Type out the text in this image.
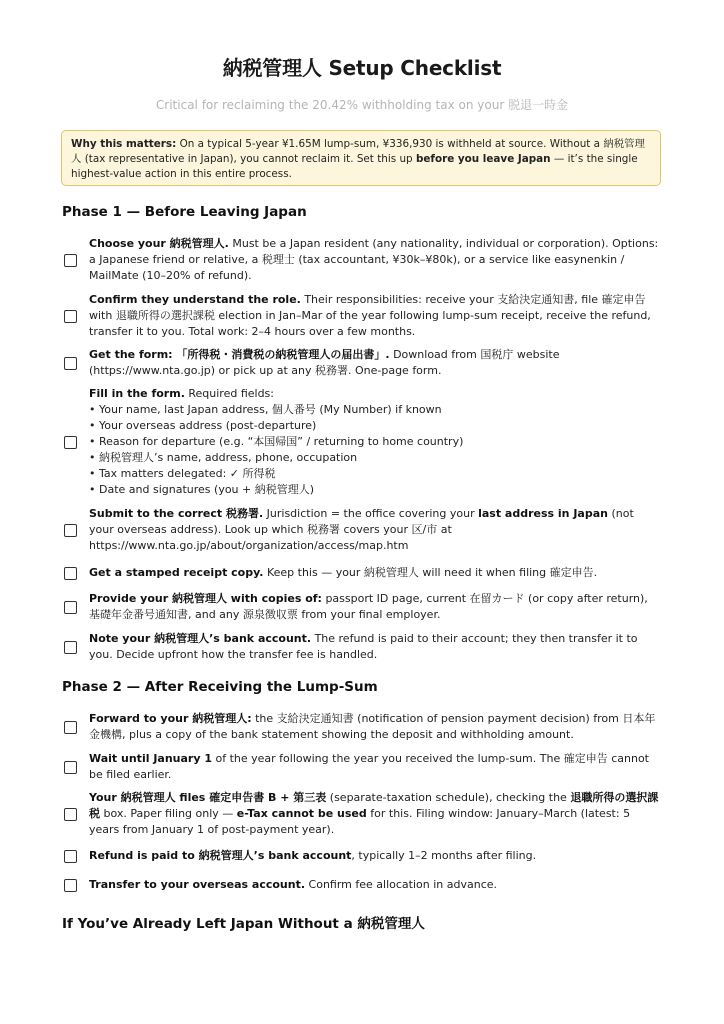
納税管理人 Setup Checklist

Critical for reclaiming the 20.42% withholding tax on your 脱退一時金

Why this matters: On a typical 5-year ¥1.65M lump-sum, ¥336,930 is withheld at source. Without a 納税管理人 (tax representative in Japan), you cannot reclaim it. Set this up before you leave Japan — it’s the single highest-value action in this entire process.
Phase 1 — Before Leaving Japan
Choose your 納税管理人. Must be a Japan resident (any nationality, individual or corporation). Options: a Japanese friend or relative, a 税理士 (tax accountant, ¥30k–¥80k), or a service like easynenkin / MailMate (10–20% of refund).
Confirm they understand the role. Their responsibilities: receive your 支給決定通知書, file 確定申告 with 退職所得の選択課税 election in Jan–Mar of the year following lump-sum receipt, receive the refund, transfer it to you. Total work: 2–4 hours over a few months.
Get the form: 「所得税・消費税の納税管理人の届出書」. Download from 国税庁 website (https://www.nta.go.jp) or pick up at any 税務署. One-page form.
Fill in the form. Required fields:
• Your name, last Japan address, 個人番号 (My Number) if known
• Your overseas address (post-departure)
• Reason for departure (e.g. “本国帰国” / returning to home country)
• 納税管理人’s name, address, phone, occupation
• Tax matters delegated: ✓ 所得税
• Date and signatures (you + 納税管理人)
Submit to the correct 税務署. Jurisdiction = the office covering your last address in Japan (not your overseas address). Look up which 税務署 covers your 区/市 at https://www.nta.go.jp/about/organization/access/map.htm
Get a stamped receipt copy. Keep this — your 納税管理人 will need it when filing 確定申告.
Provide your 納税管理人 with copies of: passport ID page, current 在留カード (or copy after return), 基礎年金番号通知書, and any 源泉徴収票 from your final employer.
Note your 納税管理人’s bank account. The refund is paid to their account; they then transfer it to you. Decide upfront how the transfer fee is handled.
Phase 2 — After Receiving the Lump-Sum
Forward to your 納税管理人: the 支給決定通知書 (notification of pension payment decision) from 日本年金機構, plus a copy of the bank statement showing the deposit and withholding amount.
Wait until January 1 of the year following the year you received the lump-sum. The 確定申告 cannot be filed earlier.
Your 納税管理人 files 確定申告書 B + 第三表 (separate-taxation schedule), checking the 退職所得の選択課税 box. Paper filing only — e-Tax cannot be used for this. Filing window: January–March (latest: 5 years from January 1 of post-payment year).
Refund is paid to 納税管理人’s bank account, typically 1–2 months after filing.
Transfer to your overseas account. Confirm fee allocation in advance.
If You’ve Already Left Japan Without a 納税管理人
